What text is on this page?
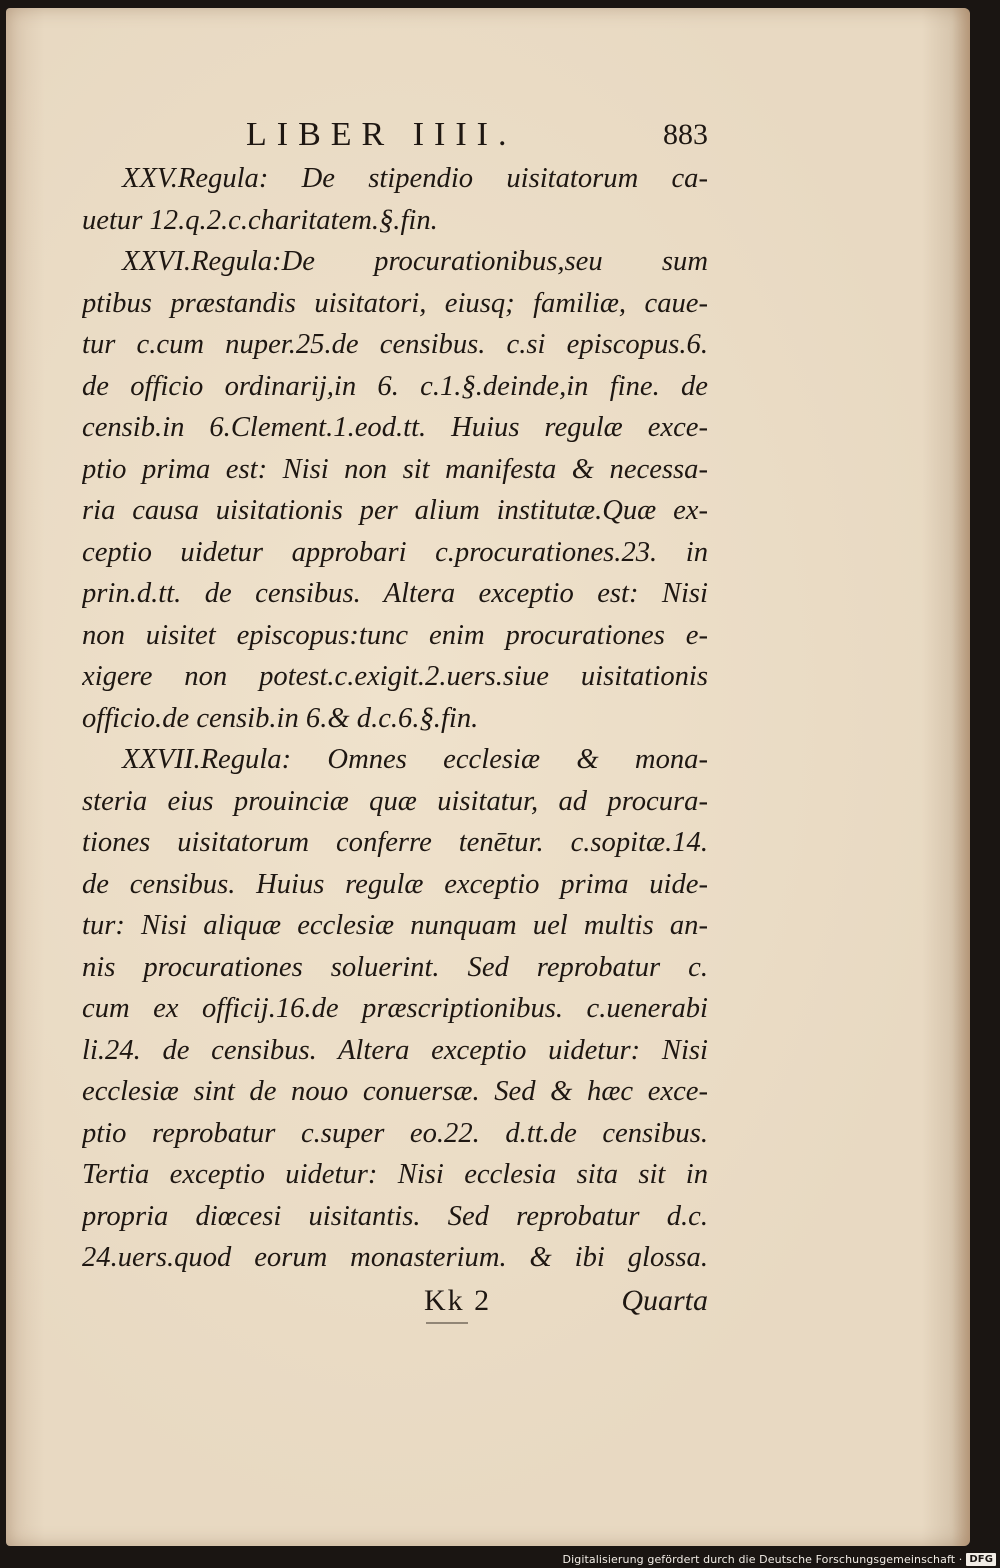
LIBER IIII.	883
XXV.Regula: De stipendio uisitatorum ca-
uetur 12.q.2.c.charitatem.§.fin.
XXVI.Regula:De procurationibus,seu sum
ptibus præstandis uisitatori, eiusq; familiæ, caue-
tur c.cum nuper.25.de censibus. c.si episcopus.6.
de officio ordinarij,in 6. c.1.§.deinde,in fine. de
censib.in 6.Clement.1.eod.tt. Huius regulæ exce-
ptio prima est: Nisi non sit manifesta & necessa-
ria causa uisitationis per alium institutæ.Quæ ex-
ceptio uidetur approbari c.procurationes.23. in
prin.d.tt. de censibus. Altera exceptio est: Nisi
non uisitet episcopus:tunc enim procurationes e-
xigere non potest.c.exigit.2.uers.siue uisitationis
officio.de censib.in 6.& d.c.6.§.fin.
XXVII.Regula: Omnes ecclesiæ & mona-
steria eius prouinciæ quæ uisitatur, ad procura-
tiones uisitatorum conferre tenētur. c.sopitæ.14.
de censibus. Huius regulæ exceptio prima uide-
tur: Nisi aliquæ ecclesiæ nunquam uel multis an-
nis procurationes soluerint. Sed reprobatur c.
cum ex officij.16.de præscriptionibus. c.uenerabi
li.24. de censibus. Altera exceptio uidetur: Nisi
ecclesiæ sint de nouo conuersæ. Sed & hæc exce-
ptio reprobatur c.super eo.22. d.tt.de censibus.
Tertia exceptio uidetur: Nisi ecclesia sita sit in
propria diœcesi uisitantis. Sed reprobatur d.c.
24.uers.quod eorum monasterium. & ibi glossa.
Kk 2	Quarta
Digitalisierung gefördert durch die Deutsche Forschungsgemeinschaft · DFG
